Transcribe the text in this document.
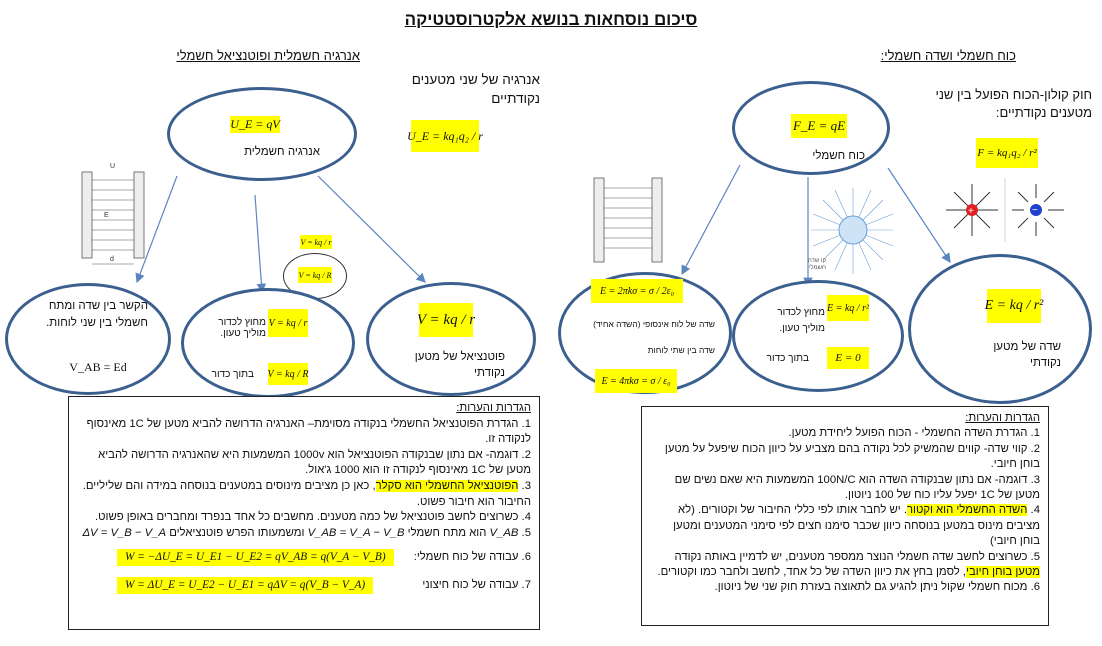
סיכום נוסחאות בנושא אלקטרוסטטיקה
אנרגיה חשמלית ופוטנציאל חשמלי
אנרגיה של שני מטענים נקודתיים
U_E = kq₁q₂ / r
U_E = qV
אנרגיה חשמלית
U
E
d
V = kq / r
V = kq / R
הקשר בין שדה ומתח חשמלי בין שני לוחות.
V_AB = Ed
V = kq / r
מחוץ לכדור מוליך טעון.
V = kq / R
בתוך כדור
V = kq / r
פוטנציאל של מטען נקודתי

הגדרות והערות:

1. הגדרת הפוטנציאל החשמלי בנקודה מסוימת– האנרגיה הדרושה להביא מטען של 1C מאינסוף לנקודה זו.

2. דוגמה- אם נתון שבנקודה הפוטנציאל הוא 1000v המשמעות היא שהאנרגיה הדרושה להביא מטען של 1C מאינסוף לנקודה זו הוא 1000 ג'אול.

3. הפוטנציאל החשמלי הוא סקלר, כאן כן מציבים מינוסים במטענים בנוסחה במידה והם שליליים. החיבור הוא חיבור פשוט.

4. כשרוצים לחשב פוטנציאל של כמה מטענים. מחשבים כל אחד בנפרד ומחברים באופן פשוט.

5. V_AB הוא מתח חשמלי V_AB = V_A − V_B ומשמעותו הפרש פוטנציאלים ΔV = V_B − V_A

6. עבודה של כוח חשמלי:
W = −ΔU_E = U_E1 − U_E2 = qV_AB = q(V_A − V_B)
7. עבודה של כוח חיצוני
W = ΔU_E = U_E2 − U_E1 = qΔV = q(V_B − V_A)
כוח חשמלי ושדה חשמלי:
חוק קולון-הכוח הפועל בין שני מטענים נקודתיים:
F = kq₁q₂ / r²
+	−
קו שדה חשמלי
F_E = qE
כוח חשמלי
E = 2πkσ = σ / 2ε₀
שדה של לוח אינסופי (השדה אחיד)
שדה בין שתי לוחות
E = 4πkσ = σ / ε₀
E = kq / r²
מחוץ לכדור מוליך טעון.
E = 0
בתוך כדור
E = kq / r²
שדה של מטען נקודתי

הגדרות והערות:

1. הגדרת השדה החשמלי - הכוח הפועל ליחידת מטען.

2. קווי שדה- קווים שהמשיק לכל נקודה בהם מצביע על כיוון הכוח שיפעל על מטען בוחן חיובי.

3. דוגמה- אם נתון שבנקודה השדה הוא 100N/C המשמעות היא שאם נשים שם מטען של 1C יפעל עליו כוח של 100 ניוטון.

4. השדה החשמלי הוא וקטור. יש לחבר אותו לפי כללי החיבור של וקטורים. (לא מציבים מינוס במטען בנוסחה כיוון שכבר סימנו חצים לפי סימני המטענים ומטען בוחן חיובי)

5. כשרוצים לחשב שדה חשמלי הנוצר ממספר מטענים, יש לדמיין באותה נקודה מטען בוחן חיובי, לסמן בחץ את כיוון השדה של כל אחד, לחשב ולחבר כמו וקטורים.

6. מכוח חשמלי שקול ניתן להגיע גם לתאוצה בעזרת חוק שני של ניוטון.
